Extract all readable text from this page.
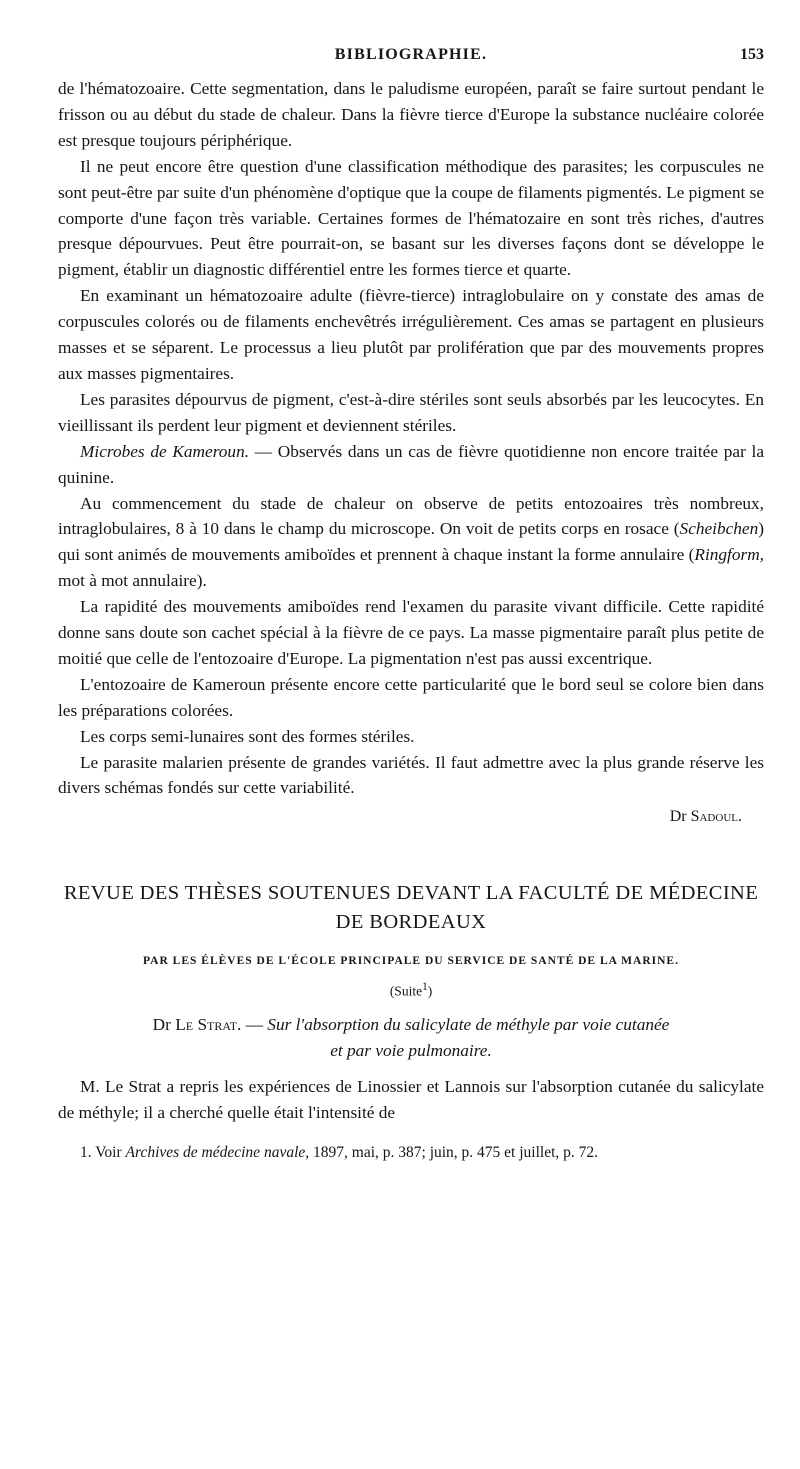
BIBLIOGRAPHIE.	153

de l'hématozoaire. Cette segmentation, dans le paludisme européen, paraît se faire surtout pendant le frisson ou au début du stade de chaleur. Dans la fièvre tierce d'Europe la substance nucléaire colorée est presque toujours périphérique.

Il ne peut encore être question d'une classification méthodique des parasites; les corpuscules ne sont peut-être par suite d'un phénomène d'optique que la coupe de filaments pigmentés. Le pigment se comporte d'une façon très variable. Certaines formes de l'hématozaire en sont très riches, d'autres presque dépourvues. Peut être pourrait-on, se basant sur les diverses façons dont se développe le pigment, établir un diagnostic différentiel entre les formes tierce et quarte.

En examinant un hématozoaire adulte (fièvre-tierce) intraglobulaire on y constate des amas de corpuscules colorés ou de filaments enchevêtrés irrégulièrement. Ces amas se partagent en plusieurs masses et se séparent. Le processus a lieu plutôt par prolifération que par des mouvements propres aux masses pigmentaires.

Les parasites dépourvus de pigment, c'est-à-dire stériles sont seuls absorbés par les leucocytes. En vieillissant ils perdent leur pigment et deviennent stériles.

Microbes de Kameroun. — Observés dans un cas de fièvre quotidienne non encore traitée par la quinine.

Au commencement du stade de chaleur on observe de petits entozoaires très nombreux, intraglobulaires, 8 à 10 dans le champ du microscope. On voit de petits corps en rosace (Scheibchen) qui sont animés de mouvements amiboïdes et prennent à chaque instant la forme annulaire (Ringform, mot à mot annulaire).

La rapidité des mouvements amiboïdes rend l'examen du parasite vivant difficile. Cette rapidité donne sans doute son cachet spécial à la fièvre de ce pays. La masse pigmentaire paraît plus petite de moitié que celle de l'entozoaire d'Europe. La pigmentation n'est pas aussi excentrique.

L'entozoaire de Kameroun présente encore cette particularité que le bord seul se colore bien dans les préparations colorées.

Les corps semi-lunaires sont des formes stériles.

Le parasite malarien présente de grandes variétés. Il faut admettre avec la plus grande réserve les divers schémas fondés sur cette variabilité.

Dr Sadoul.
REVUE DES THÈSES SOUTENUES DEVANT LA FACULTÉ DE MÉDECINE
DE BORDEAUX
PAR LES ÉLÈVES DE L'ÉCOLE PRINCIPALE DU SERVICE DE SANTÉ DE LA MARINE.
(Suite$^1$)
Dr Le Strat. — Sur l'absorption du salicylate de méthyle par voie cutanée
et par voie pulmonaire.

M. Le Strat a repris les expériences de Linossier et Lannois sur l'absorption cutanée du salicylate de méthyle; il a cherché quelle était l'intensité de

1. Voir Archives de médecine navale, 1897, mai, p. 387; juin, p. 475 et juillet, p. 72.
